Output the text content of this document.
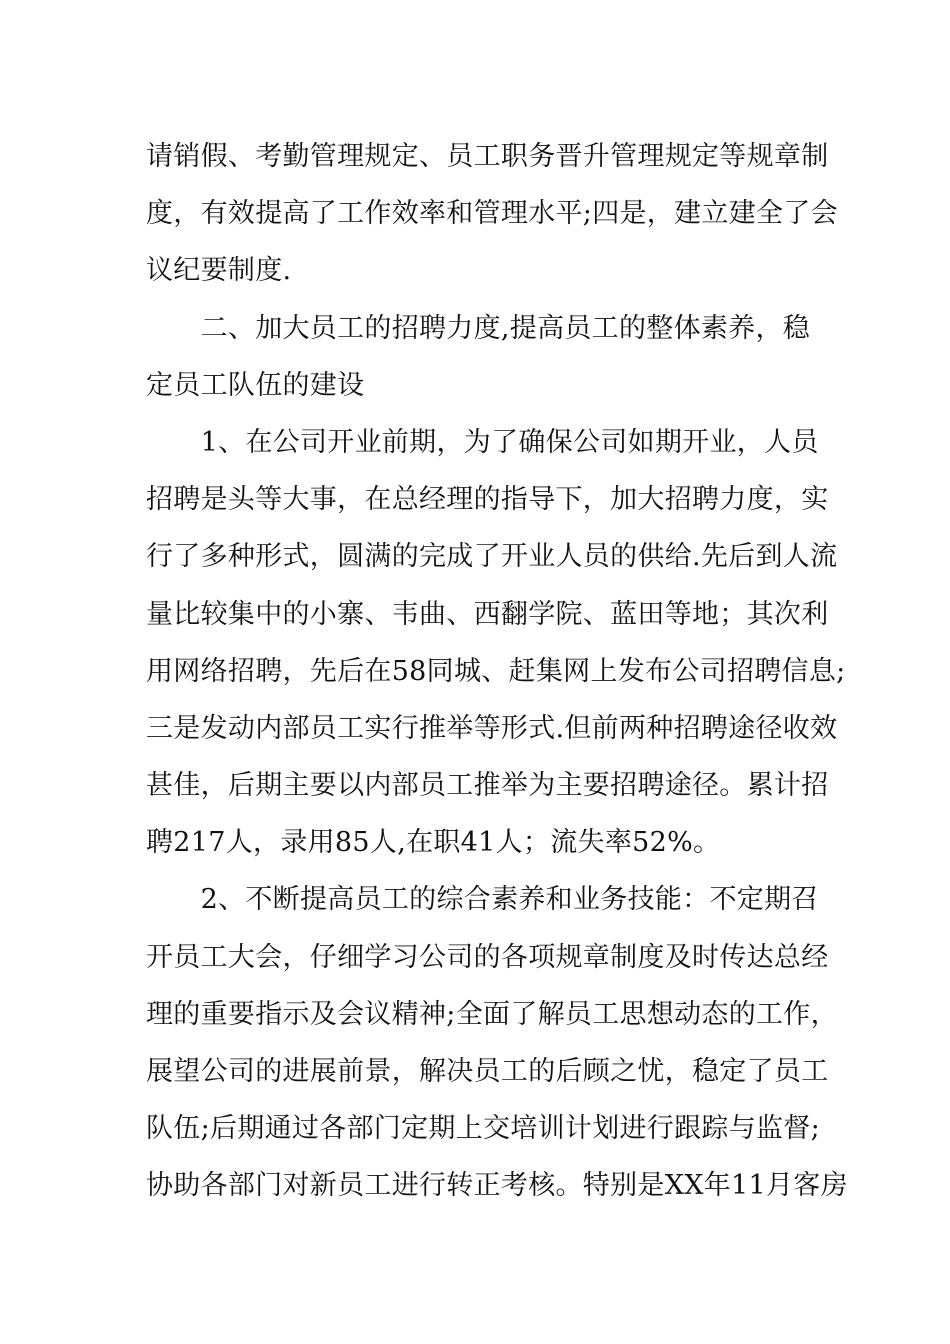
请销假、考勤管理规定、员工职务晋升管理规定等规章制
度，有效提高了工作效率和管理水平;四是，建立建全了会
议纪要制度.
　　二、加大员工的招聘力度,提高员工的整体素养，稳
定员工队伍的建设
　　1、在公司开业前期，为了确保公司如期开业，人员
招聘是头等大事，在总经理的指导下，加大招聘力度，实
行了多种形式，圆满的完成了开业人员的供给.先后到人流
量比较集中的小寨、韦曲、西翻学院、蓝田等地；其次利
用网络招聘，先后在58同城、赶集网上发布公司招聘信息;
三是发动内部员工实行推举等形式.但前两种招聘途径收效
甚佳，后期主要以内部员工推举为主要招聘途径。累计招
聘217人，录用85人,在职41人；流失率52%。
　　2、不断提高员工的综合素养和业务技能：不定期召
开员工大会，仔细学习公司的各项规章制度及时传达总经
理的重要指示及会议精神;全面了解员工思想动态的工作，
展望公司的进展前景，解决员工的后顾之忧，稳定了员工
队伍;后期通过各部门定期上交培训计划进行跟踪与监督;
协助各部门对新员工进行转正考核。特别是XX年11月客房
